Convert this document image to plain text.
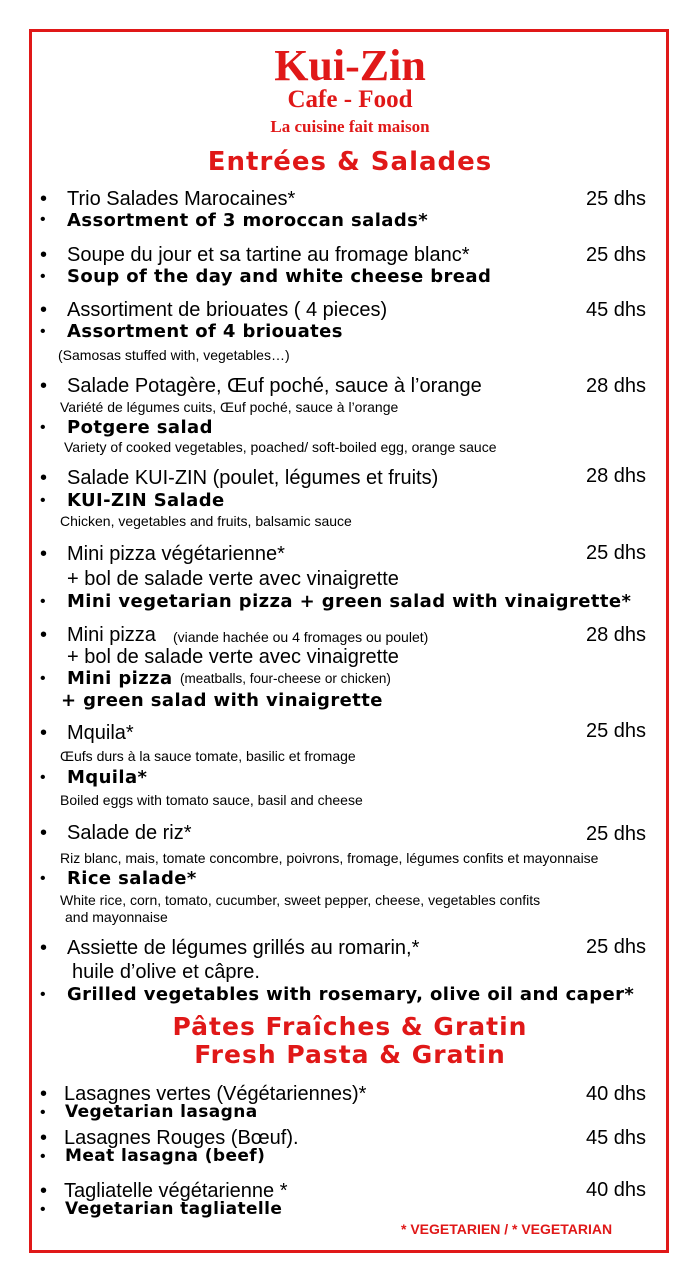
Kui-Zin
Cafe - Food
La cuisine fait maison
Entrées & Salades
• Trio Salades Marocaines*	25 dhs
• Assortment of 3 moroccan salads*
• Soupe du jour et sa tartine au fromage blanc*	25 dhs
• Soup of the day and white cheese bread
• Assortiment de briouates ( 4 pieces)	45 dhs
• Assortment of 4 briouates
(Samosas stuffed with, vegetables…)
• Salade Potagère, Œuf poché, sauce à l’orange	28 dhs
Variété de légumes cuits, Œuf poché, sauce à l’orange
• Potgere salad
Variety of cooked vegetables, poached/ soft-boiled egg, orange sauce
• Salade KUI-ZIN (poulet, légumes et fruits)	28 dhs
• KUI-ZIN Salade
Chicken, vegetables and fruits, balsamic sauce
• Mini pizza végétarienne*	25 dhs
+ bol de salade verte avec vinaigrette
• Mini vegetarian pizza + green salad with vinaigrette*
• Mini pizza (viande hachée ou 4 fromages ou poulet)	28 dhs
+ bol de salade verte avec vinaigrette
• Mini pizza (meatballs, four-cheese or chicken)
+ green salad with vinaigrette
• Mquila*	25 dhs
Œufs durs à la sauce tomate, basilic et fromage
• Mquila*
Boiled eggs with tomato sauce, basil and cheese
• Salade de riz*	25 dhs
Riz blanc, mais, tomate concombre, poivrons, fromage, légumes confits et mayonnaise
• Rice salade*
White rice, corn, tomato, cucumber, sweet pepper, cheese, vegetables confits
and mayonnaise
• Assiette de légumes grillés au romarin,*	25 dhs
huile d’olive et câpre.
• Grilled vegetables with rosemary, olive oil and caper*
Pâtes Fraîches & Gratin
Fresh Pasta & Gratin
• Lasagnes vertes (Végétariennes)*	40 dhs
• Vegetarian lasagna
• Lasagnes Rouges (Bœuf).	45 dhs
• Meat lasagna (beef)
• Tagliatelle végétarienne *	40 dhs
• Vegetarian tagliatelle
* VEGETARIEN / * VEGETARIAN
